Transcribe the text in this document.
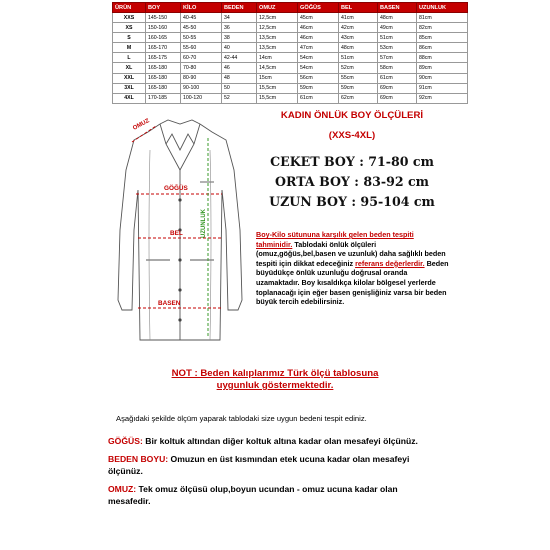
ÜRÜN	BOY	KİLO	BEDEN	OMUZ	GÖĞÜS	BEL	BASEN	UZUNLUK
XXS	145-150	40-45	34	12,5cm	45cm	41cm	48cm	81cm
XS	150-160	45-50	36	12,5cm	46cm	42cm	49cm	82cm
S	160-165	50-55	38	13,5cm	46cm	43cm	51cm	85cm
M	165-170	55-60	40	13,5cm	47cm	48cm	53cm	86cm
L	165-175	60-70	42-44	14cm	54cm	51cm	57cm	88cm
XL	165-180	70-80	46	14,5cm	54cm	52cm	58cm	89cm
XXL	165-180	80-90	48	15cm	56cm	55cm	61cm	90cm
3XL	165-180	90-100	50	15,5cm	59cm	59cm	69cm	91cm
4XL	170-185	100-120	52	15,5cm	61cm	62cm	69cm	92cm
OMUZ
GÖĞÜS
BEL
BASEN
UZUNLUK
KADIN ÖNLÜK BOY ÖLÇÜLERİ
(XXS-4XL)
CEKET BOY : 71-80 cm
ORTA BOY : 83-92 cm
UZUN BOY : 95-104 cm
Boy-Kilo sütununa karşılık gelen beden tespiti tahminidir. Tablodaki önlük ölçüleri (omuz,göğüs,bel,basen ve uzunluk) daha sağlıklı beden tespiti için dikkat edeceğiniz referans değerlerdir. Beden büyüdükçe önlük uzunluğu doğrusal oranda uzamaktadır. Boy kısaldıkça kilolar bölgesel yerlerde toplanacağı için eğer basen genişliğiniz varsa bir beden büyük tercih edebilirsiniz.
NOT : Beden kalıplarımız Türk ölçü tablosuna
uygunluk göstermektedir.
Aşağıdaki şekilde ölçüm yaparak tablodaki size uygun bedeni tespit ediniz.
GÖĞÜS: Bir koltuk altından diğer koltuk altına kadar olan mesafeyi ölçünüz.
BEDEN BOYU: Omuzun en üst kısmından etek ucuna kadar olan mesafeyi ölçünüz.
OMUZ: Tek omuz ölçüsü olup,boyun ucundan - omuz ucuna kadar olan mesafedir.
